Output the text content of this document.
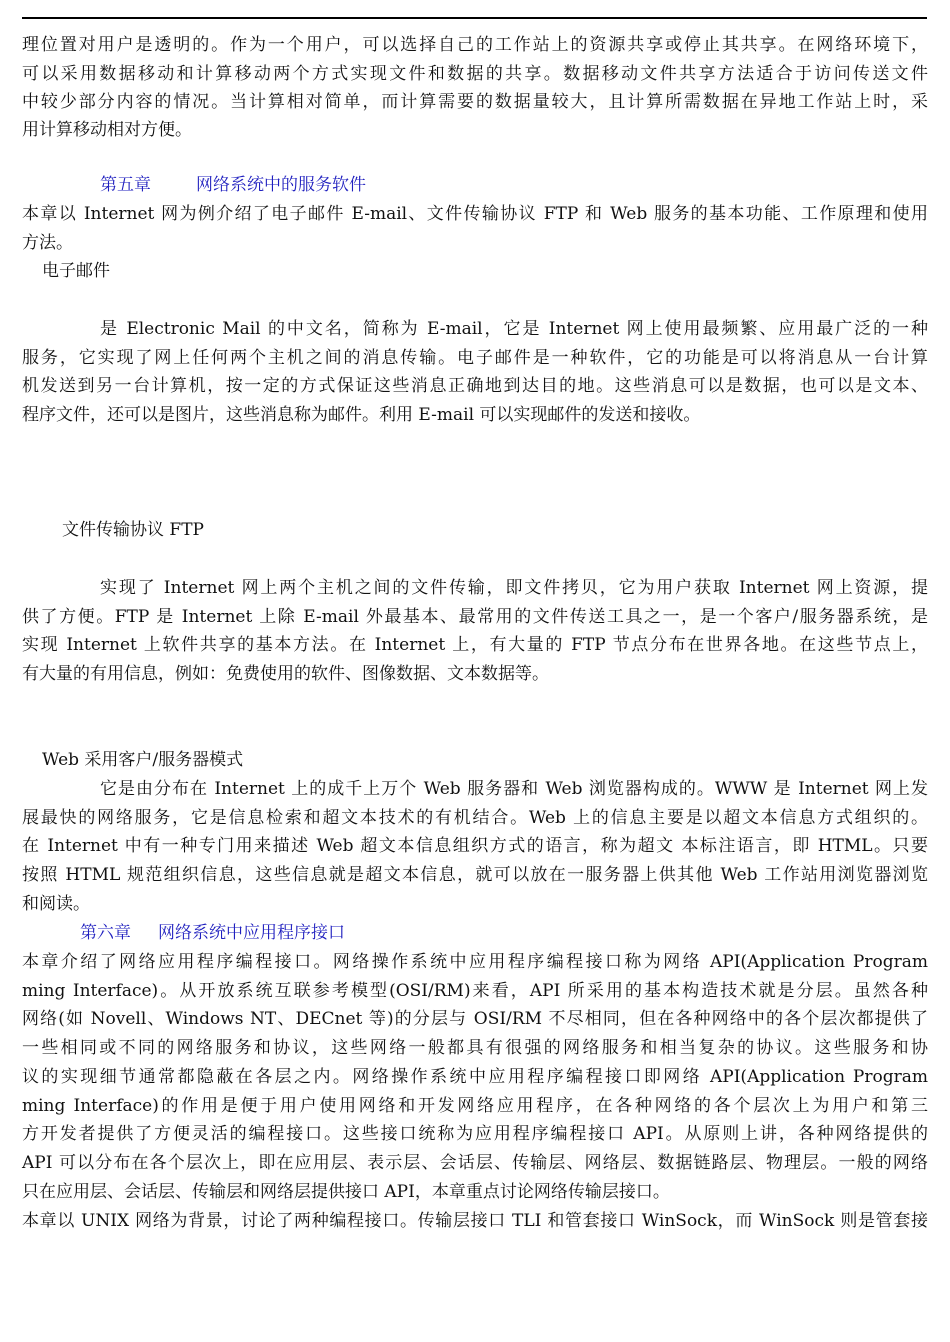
理位置对用户是透明的。作为一个用户，可以选择自己的工作站上的资源共享或停止其共享。在网络环境下，
可以采用数据移动和计算移动两个方式实现文件和数据的共享。数据移动文件共享方法适合于访问传送文件
中较少部分内容的情况。当计算相对简单，而计算需要的数据量较大，且计算所需数据在异地工作站上时，采
用计算移动相对方便。
第五章	网络系统中的服务软件
本章以 Internet 网为例介绍了电子邮件 E-mail、文件传输协议 FTP 和 Web 服务的基本功能、工作原理和使用
方法。
电子邮件
是 Electronic Mail 的中文名，简称为 E-mail，它是 Internet 网上使用最频繁、应用最广泛的一种
服务，它实现了网上任何两个主机之间的消息传输。电子邮件是一种软件，它的功能是可以将消息从一台计算
机发送到另一台计算机，按一定的方式保证这些消息正确地到达目的地。这些消息可以是数据，也可以是文本、
程序文件，还可以是图片，这些消息称为邮件。利用 E-mail 可以实现邮件的发送和接收。
文件传输协议 FTP
实现了 Internet 网上两个主机之间的文件传输，即文件拷贝，它为用户获取 Internet 网上资源，提
供了方便。FTP 是 Internet 上除 E-mail 外最基本、最常用的文件传送工具之一，是一个客户/服务器系统，是
实现 Internet 上软件共享的基本方法。在 Internet 上，有大量的 FTP 节点分布在世界各地。在这些节点上，
有大量的有用信息，例如：免费使用的软件、图像数据、文本数据等。
Web 采用客户/服务器模式
它是由分布在 Internet 上的成千上万个 Web 服务器和 Web 浏览器构成的。WWW 是 Internet 网上发
展最快的网络服务，它是信息检索和超文本技术的有机结合。Web 上的信息主要是以超文本信息方式组织的。
在 Internet 中有一种专门用来描述 Web 超文本信息组织方式的语言，称为超文 本标注语言，即 HTML。只要
按照 HTML 规范组织信息，这些信息就是超文本信息，就可以放在一服务器上供其他 Web 工作站用浏览器浏览
和阅读。
第六章 网络系统中应用程序接口
本章介绍了网络应用程序编程接口。网络操作系统中应用程序编程接口称为网络 API(Application Program
ming Interface)。从开放系统互联参考模型(OSI/RM)来看，API 所采用的基本构造技术就是分层。虽然各种
网络(如 Novell、Windows NT、DECnet 等)的分层与 OSI/RM 不尽相同，但在各种网络中的各个层次都提供了
一些相同或不同的网络服务和协议，这些网络一般都具有很强的网络服务和相当复杂的协议。这些服务和协
议的实现细节通常都隐蔽在各层之内。网络操作系统中应用程序编程接口即网络 API(Application Program
ming Interface)的作用是便于用户使用网络和开发网络应用程序，在各种网络的各个层次上为用户和第三
方开发者提供了方便灵活的编程接口。这些接口统称为应用程序编程接口 API。从原则上讲，各种网络提供的
API 可以分布在各个层次上，即在应用层、表示层、会话层、传输层、网络层、数据链路层、物理层。一般的网络
只在应用层、会话层、传输层和网络层提供接口 API，本章重点讨论网络传输层接口。
本章以 UNIX 网络为背景，讨论了两种编程接口。传输层接口 TLI 和管套接口 WinSock，而 WinSock 则是管套接
